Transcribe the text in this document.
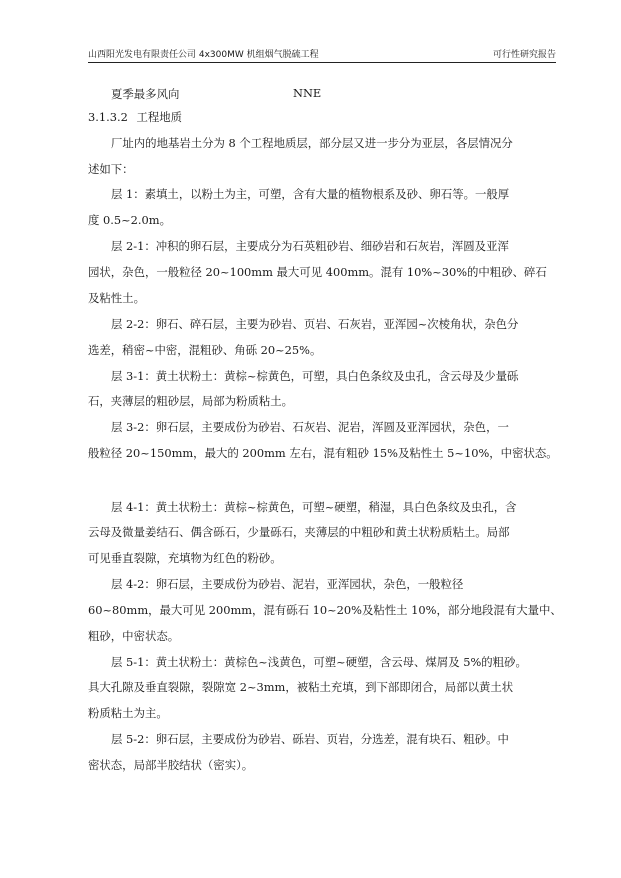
山西阳光发电有限责任公司 4x300MW 机组烟气脱硫工程	可行性研究报告
夏季最多风向	NNE
3.1.3.2 工程地质
厂址内的地基岩土分为 8 个工程地质层，部分层又进一步分为亚层，各层情况分
述如下：
层 1：素填土，以粉土为主，可塑，含有大量的植物根系及砂、卵石等。一般厚
度 0.5~2.0m。
层 2-1：冲积的卵石层，主要成分为石英粗砂岩、细砂岩和石灰岩，浑圆及亚浑
园状，杂色，一般粒径 20~100mm 最大可见 400mm。混有 10%~30%的中粗砂、碎石
及粘性土。
层 2-2：卵石、碎石层，主要为砂岩、页岩、石灰岩，亚浑园~次棱角状，杂色分
选差，稍密~中密，混粗砂、角砾 20~25%。
层 3-1：黄土状粉土：黄棕~棕黄色，可塑，具白色条纹及虫孔，含云母及少量砾
石，夹薄层的粗砂层，局部为粉质粘土。
层 3-2：卵石层，主要成份为砂岩、石灰岩、泥岩，浑圆及亚浑园状，杂色，一
般粒径 20~150mm，最大的 200mm 左右，混有粗砂 15%及粘性土 5~10%，中密状态。
层 4-1：黄土状粉土：黄棕~棕黄色，可塑~硬塑，稍湿，具白色条纹及虫孔，含
云母及微量姜结石、偶含砾石，少量砾石，夹薄层的中粗砂和黄土状粉质粘土。局部
可见垂直裂隙，充填物为红色的粉砂。
层 4-2：卵石层，主要成份为砂岩、泥岩，亚浑园状，杂色，一般粒径
60~80mm，最大可见 200mm，混有砾石 10~20%及粘性土 10%，部分地段混有大量中、
粗砂，中密状态。
层 5-1：黄土状粉土：黄棕色~浅黄色，可塑~硬塑，含云母、煤屑及 5%的粗砂。
具大孔隙及垂直裂隙，裂隙宽 2~3mm，被粘土充填，到下部即闭合，局部以黄土状
粉质粘土为主。
层 5-2：卵石层，主要成份为砂岩、砾岩、页岩，分选差，混有块石、粗砂。中
密状态，局部半胶结状（密实）。
